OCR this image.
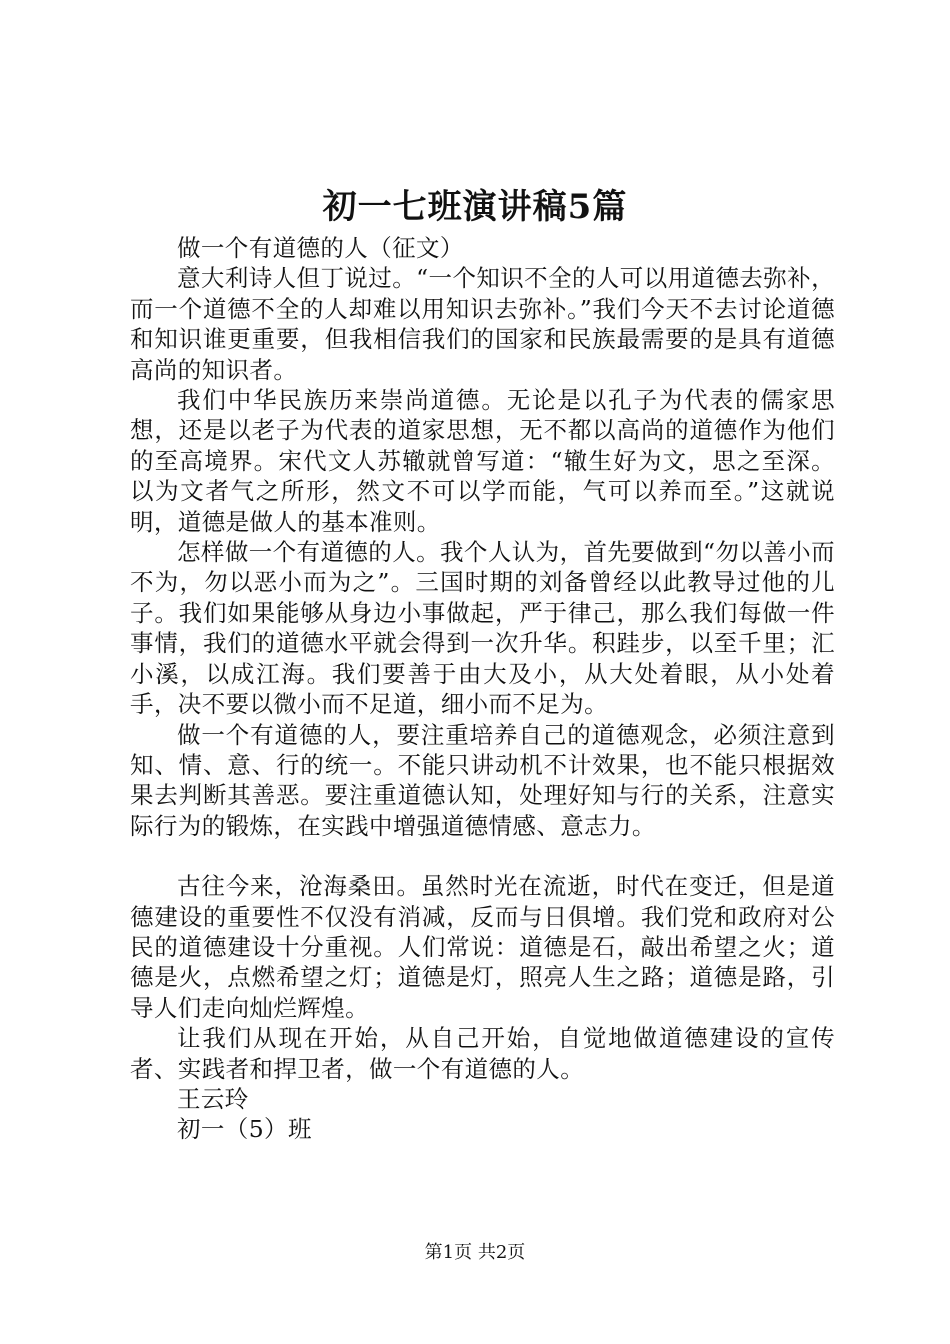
初一七班演讲稿5篇

做一个有道德的人（征文）

意大利诗人但丁说过。“一个知识不全的人可以用道德去弥补，而一个道德不全的人却难以用知识去弥补。”我们今天不去讨论道德和知识谁更重要，但我相信我们的国家和民族最需要的是具有道德高尚的知识者。

我们中华民族历来崇尚道德。无论是以孔子为代表的儒家思想，还是以老子为代表的道家思想，无不都以高尚的道德作为他们的至高境界。宋代文人苏辙就曾写道：“辙生好为文，思之至深。以为文者气之所形，然文不可以学而能，气可以养而至。”这就说明，道德是做人的基本准则。

怎样做一个有道德的人。我个人认为，首先要做到“勿以善小而不为，勿以恶小而为之”。三国时期的刘备曾经以此教导过他的儿子。我们如果能够从身边小事做起，严于律己，那么我们每做一件事情，我们的道德水平就会得到一次升华。积跬步，以至千里；汇小溪，以成江海。我们要善于由大及小，从大处着眼，从小处着手，决不要以微小而不足道，细小而不足为。

做一个有道德的人，要注重培养自己的道德观念，必须注意到知、情、意、行的统一。不能只讲动机不计效果，也不能只根据效果去判断其善恶。要注重道德认知，处理好知与行的关系，注意实际行为的锻炼，在实践中增强道德情感、意志力。

古往今来，沧海桑田。虽然时光在流逝，时代在变迁，但是道德建设的重要性不仅没有消减，反而与日俱增。我们党和政府对公民的道德建设十分重视。人们常说：道德是石，敲出希望之火；道德是火，点燃希望之灯；道德是灯，照亮人生之路；道德是路，引导人们走向灿烂辉煌。

让我们从现在开始，从自己开始，自觉地做道德建设的宣传者、实践者和捍卫者，做一个有道德的人。

王云玲

初一（5）班

第1页 共2页
